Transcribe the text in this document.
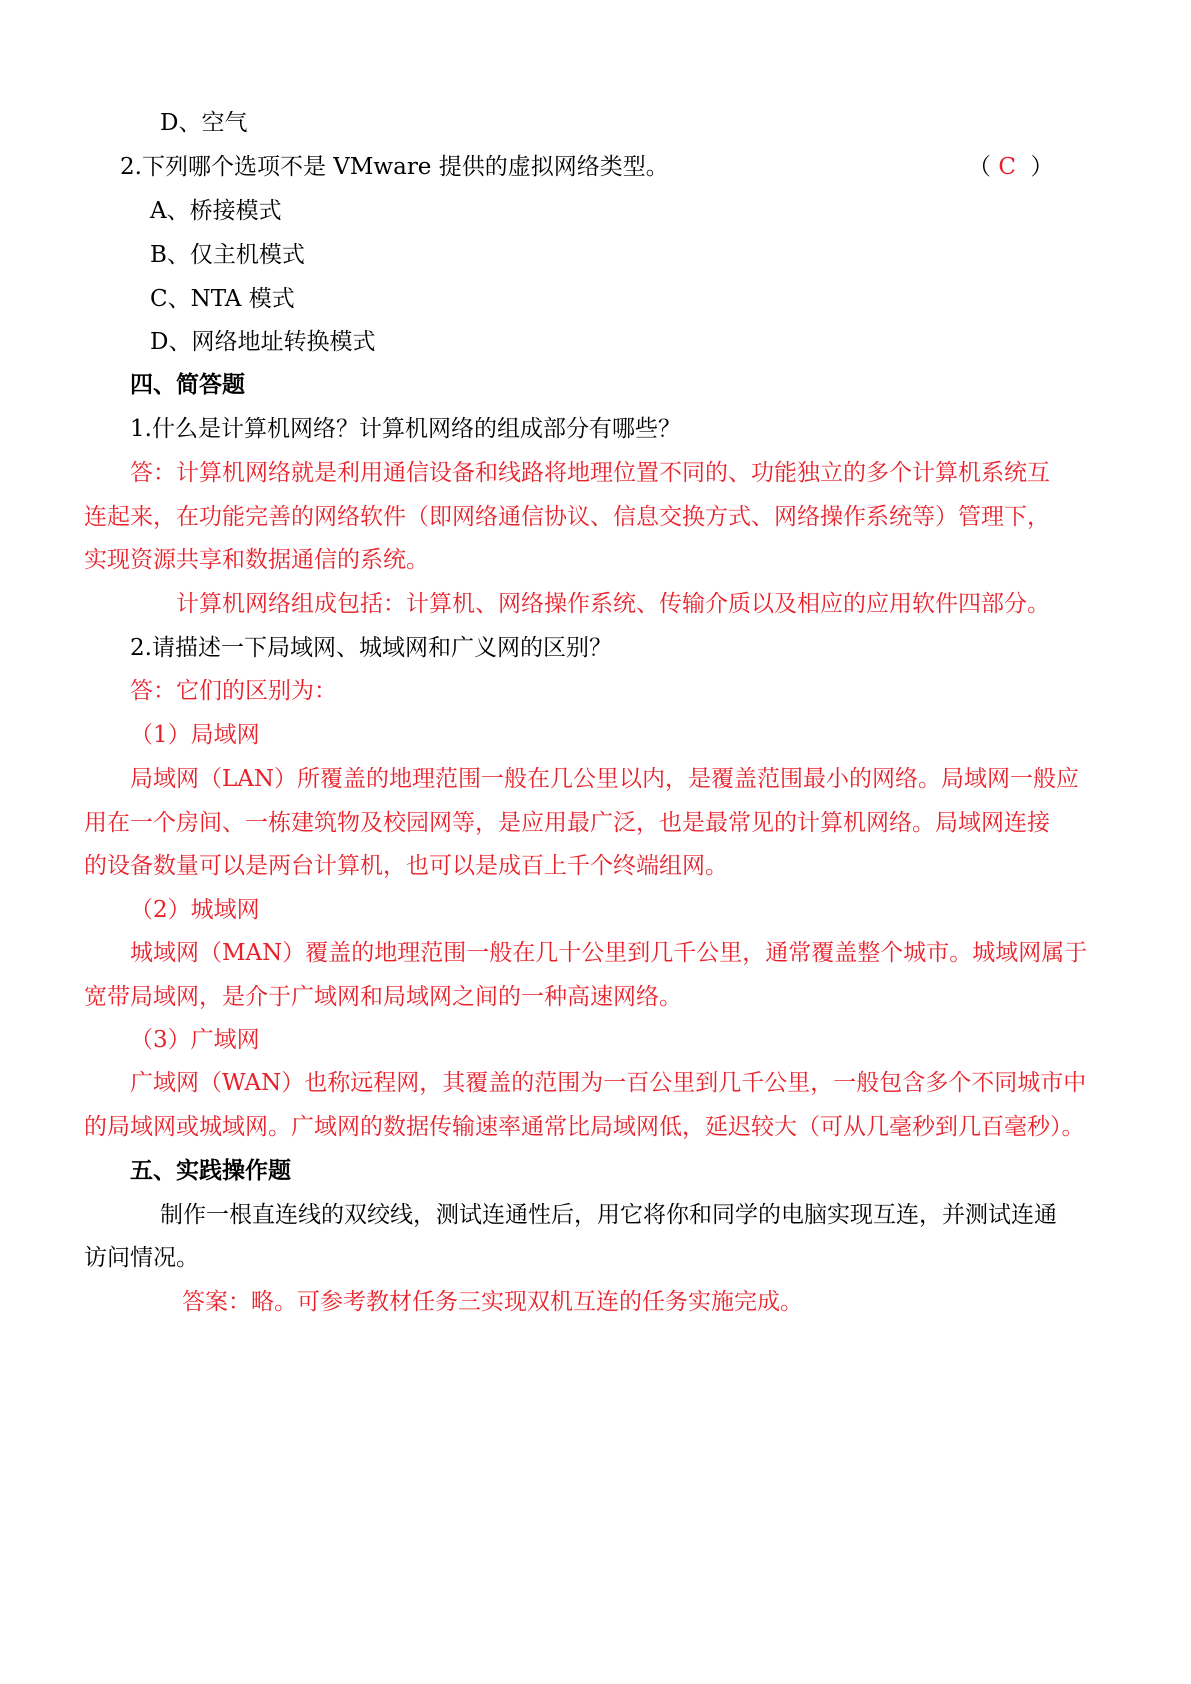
D、空气
2.下列哪个选项不是 VMware 提供的虚拟网络类型。	（ C ）
A、桥接模式
B、仅主机模式
C、NTA 模式
D、网络地址转换模式
四、简答题
1.什么是计算机网络？计算机网络的组成部分有哪些？
答：计算机网络就是利用通信设备和线路将地理位置不同的、功能独立的多个计算机系统互
连起来，在功能完善的网络软件（即网络通信协议、信息交换方式、网络操作系统等）管理下，
实现资源共享和数据通信的系统。
计算机网络组成包括：计算机、网络操作系统、传输介质以及相应的应用软件四部分。
2.请描述一下局域网、城域网和广义网的区别？
答：它们的区别为：
（1）局域网
局域网（LAN）所覆盖的地理范围一般在几公里以内，是覆盖范围最小的网络。局域网一般应
用在一个房间、一栋建筑物及校园网等，是应用最广泛，也是最常见的计算机网络。局域网连接
的设备数量可以是两台计算机，也可以是成百上千个终端组网。
（2）城域网
城域网（MAN）覆盖的地理范围一般在几十公里到几千公里，通常覆盖整个城市。城域网属于
宽带局域网，是介于广域网和局域网之间的一种高速网络。
（3）广域网
广域网（WAN）也称远程网，其覆盖的范围为一百公里到几千公里，一般包含多个不同城市中
的局域网或城域网。广域网的数据传输速率通常比局域网低，延迟较大（可从几毫秒到几百毫秒）。
五、实践操作题
制作一根直连线的双绞线，测试连通性后，用它将你和同学的电脑实现互连，并测试连通
访问情况。
答案：略。可参考教材任务三实现双机互连的任务实施完成。
